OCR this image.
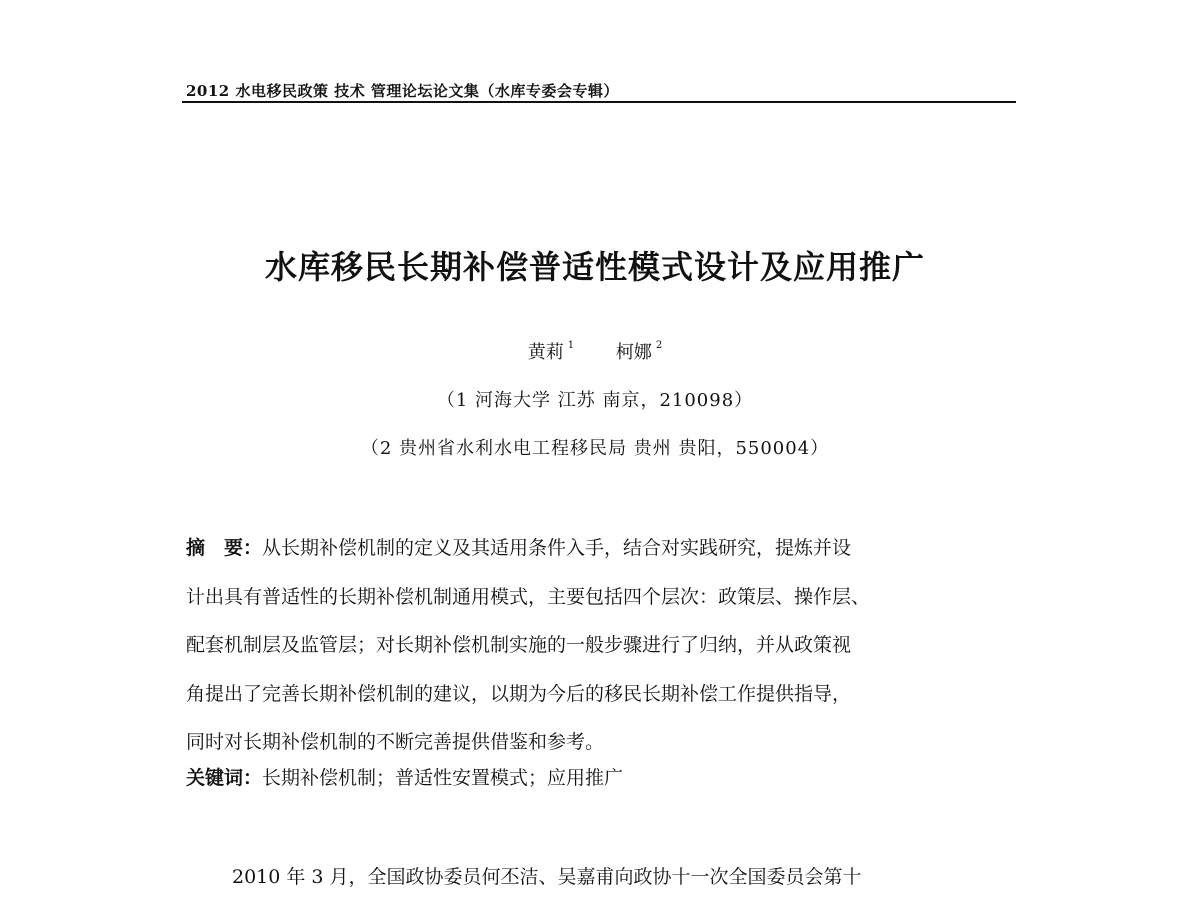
2012 水电移民政策 技术 管理论坛论文集（水库专委会专辑）
水库移民长期补偿普适性模式设计及应用推广
黄莉 $^1$ 柯娜 $^2$
（1 河海大学 江苏 南京，210098）
（2 贵州省水利水电工程移民局 贵州 贵阳，550004）
摘　要：从长期补偿机制的定义及其适用条件入手，结合对实践研究，提炼并设
计出具有普适性的长期补偿机制通用模式，主要包括四个层次：政策层、操作层、
配套机制层及监管层；对长期补偿机制实施的一般步骤进行了归纳，并从政策视
角提出了完善长期补偿机制的建议，以期为今后的移民长期补偿工作提供指导，
同时对长期补偿机制的不断完善提供借鉴和参考。
关键词：长期补偿机制；普适性安置模式；应用推广
2010 年 3 月，全国政协委员何丕洁、吴嘉甫向政协十一次全国委员会第十
